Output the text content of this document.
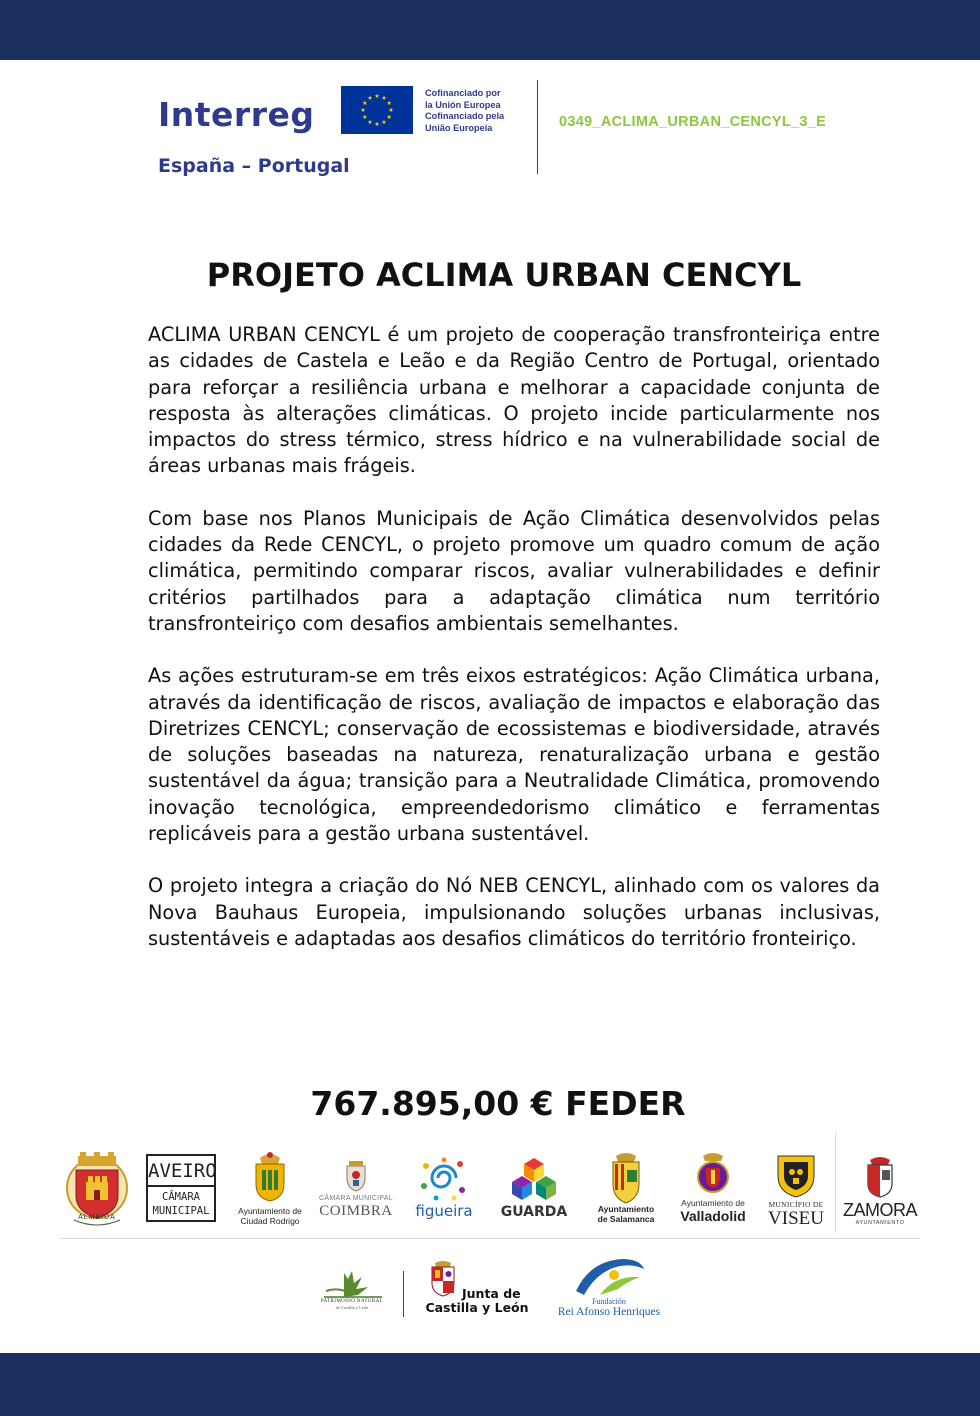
Interreg
España – Portugal
Cofinanciado por
la Unión Europea
Cofinanciado pela
União Europeia	0349_ACLIMA_URBAN_CENCYL_3_E
PROJETO ACLIMA URBAN CENCYL

ACLIMA URBAN CENCYL é um projeto de cooperação transfronteiriça entre as cidades de Castela e Leão e da Região Centro de Portugal, orientado para reforçar a resiliência urbana e melhorar a capacidade conjunta de resposta às alterações climáticas. O projeto incide particularmente nos impactos do stress térmico, stress hídrico e na vulnerabilidade social de áreas urbanas mais frágeis.

Com base nos Planos Municipais de Ação Climática desenvolvidos pelas cidades da Rede CENCYL, o projeto promove um quadro comum de ação climática, permitindo comparar riscos, avaliar vulnerabilidades e definir critérios partilhados para a adaptação climática num território transfronteiriço com desafios ambientais semelhantes.

As ações estruturam-se em três eixos estratégicos: Ação Climática urbana, através da identificação de riscos, avaliação de impactos e elaboração das Diretrizes CENCYL; conservação de ecossistemas e biodiversidade, através de soluções baseadas na natureza, renaturalização urbana e gestão sustentável da água; transição para a Neutralidade Climática, promovendo inovação tecnológica, empreendedorismo climático e ferramentas replicáveis para a gestão urbana sustentável.

O projeto integra a criação do Nó NEB CENCYL, alinhado com os valores da Nova Bauhaus Europeia, impulsionando soluções urbanas inclusivas, sustentáveis e adaptadas aos desafios climáticos do território fronteiriço.

767.895,00 € FEDER
ALMEIDA
AVEIRO
CÂMARA
MUNICIPAL	Ayuntamiento de
Ciudad Rodrigo
CÂMARA MUNICIPAL
COIMBRA	figueira	GUARDA	Ayuntamiento
de Salamanca
Ayuntamiento de
Valladolid
MUNICÍPIO DE
VISEU	ZAMORA
AYUNTAMIENTO
PATRIMONIO NATURAL
de Castilla y León
Junta de
Castilla y León	Fundación
Rei Afonso Henriques
